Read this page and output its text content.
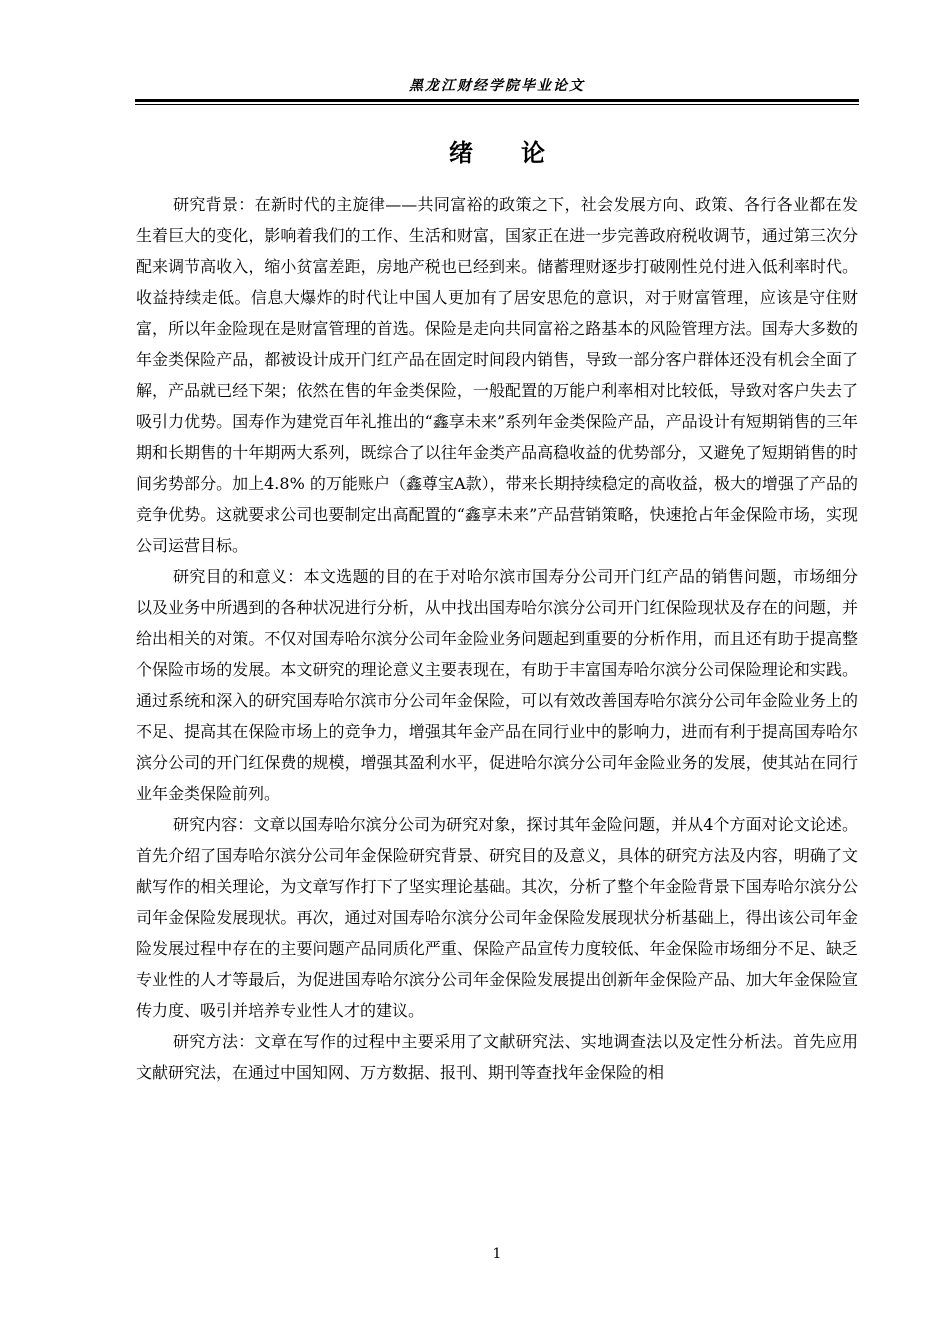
黑龙江财经学院毕业论文
绪论

研究背景：在新时代的主旋律——共同富裕的政策之下，社会发展方向、政策、各行各业都在发生着巨大的变化，影响着我们的工作、生活和财富，国家正在进一步完善政府税收调节，通过第三次分配来调节高收入，缩小贫富差距，房地产税也已经到来。储蓄理财逐步打破刚性兑付进入低利率时代。收益持续走低。信息大爆炸的时代让中国人更加有了居安思危的意识，对于财富管理，应该是守住财富，所以年金险现在是财富管理的首选。保险是走向共同富裕之路基本的风险管理方法。国寿大多数的年金类保险产品，都被设计成开门红产品在固定时间段内销售，导致一部分客户群体还没有机会全面了解，产品就已经下架；依然在售的年金类保险，一般配置的万能户利率相对比较低，导致对客户失去了吸引力优势。国寿作为建党百年礼推出的“鑫享未来”系列年金类保险产品，产品设计有短期销售的三年期和长期售的十年期两大系列，既综合了以往年金类产品高稳收益的优势部分，又避免了短期销售的时间劣势部分。加上4.8% 的万能账户（鑫尊宝A款），带来长期持续稳定的高收益，极大的增强了产品的竞争优势。这就要求公司也要制定出高配置的“鑫享未来”产品营销策略，快速抢占年金保险市场，实现公司运营目标。

研究目的和意义：本文选题的目的在于对哈尔滨市国寿分公司开门红产品的销售问题，市场细分以及业务中所遇到的各种状况进行分析，从中找出国寿哈尔滨分公司开门红保险现状及存在的问题，并给出相关的对策。不仅对国寿哈尔滨分公司年金险业务问题起到重要的分析作用，而且还有助于提高整个保险市场的发展。本文研究的理论意义主要表现在，有助于丰富国寿哈尔滨分公司保险理论和实践。通过系统和深入的研究国寿哈尔滨市分公司年金保险，可以有效改善国寿哈尔滨分公司年金险业务上的不足、提高其在保险市场上的竞争力，增强其年金产品在同行业中的影响力，进而有利于提高国寿哈尔滨分公司的开门红保费的规模，增强其盈利水平，促进哈尔滨分公司年金险业务的发展，使其站在同行业年金类保险前列。

研究内容：文章以国寿哈尔滨分公司为研究对象，探讨其年金险问题，并从4个方面对论文论述。首先介绍了国寿哈尔滨分公司年金保险研究背景、研究目的及意义，具体的研究方法及内容，明确了文献写作的相关理论，为文章写作打下了坚实理论基础。其次，分析了整个年金险背景下国寿哈尔滨分公司年金保险发展现状。再次，通过对国寿哈尔滨分公司年金保险发展现状分析基础上，得出该公司年金险发展过程中存在的主要问题产品同质化严重、保险产品宣传力度较低、年金保险市场细分不足、缺乏专业性的人才等最后，为促进国寿哈尔滨分公司年金保险发展提出创新年金保险产品、加大年金保险宣传力度、吸引并培养专业性人才的建议。

研究方法：文章在写作的过程中主要采用了文献研究法、实地调查法以及定性分析法。首先应用文献研究法，在通过中国知网、万方数据、报刊、期刊等查找年金保险的相

1
